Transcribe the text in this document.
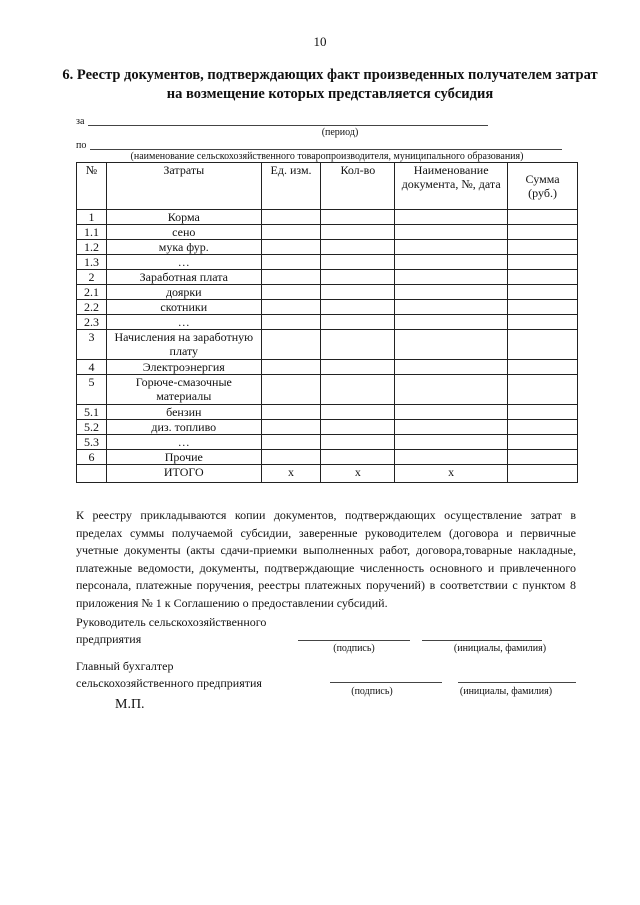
10
6. Реестр документов, подтверждающих факт произведенных получателем затрат на возмещение которых представляется субсидия
за
(период)
по
(наименование сельскохозяйственного товаропроизводителя, муниципального образования)
№	Затраты	Ед. изм.	Кол-во	Наименование документа, №, дата	Сумма (руб.)
1	Корма				
1.1	сено				
1.2	мука фур.				
1.3	…				
2	Заработная плата				
2.1	доярки				
2.2	скотники				
2.3	…				
3	Начисления на заработную плату				
4	Электроэнергия				
5	Горюче-смазочные материалы				
5.1	бензин				
5.2	диз. топливо				
5.3	…				
6	Прочие				
	ИТОГО	x	x	x	
К реестру прикладываются копии документов, подтверждающих осуществление затрат в пределах суммы получаемой субсидии, заверенные руководителем (договора и первичные учетные документы (акты сдачи-приемки выполненных работ, договора,товарные накладные, платежные ведомости, документы, подтверждающие численность основного и привлеченного персонала, платежные поручения, реестры платежных поручений) в соответствии с пунктом 8 приложения № 1 к Соглашению о предоставлении субсидий.
Руководитель сельскохозяйственного
предприятия
(подпись)	(инициалы, фамилия)
Главный бухгалтер
сельскохозяйственного предприятия
(подпись)	(инициалы, фамилия)
М.П.
